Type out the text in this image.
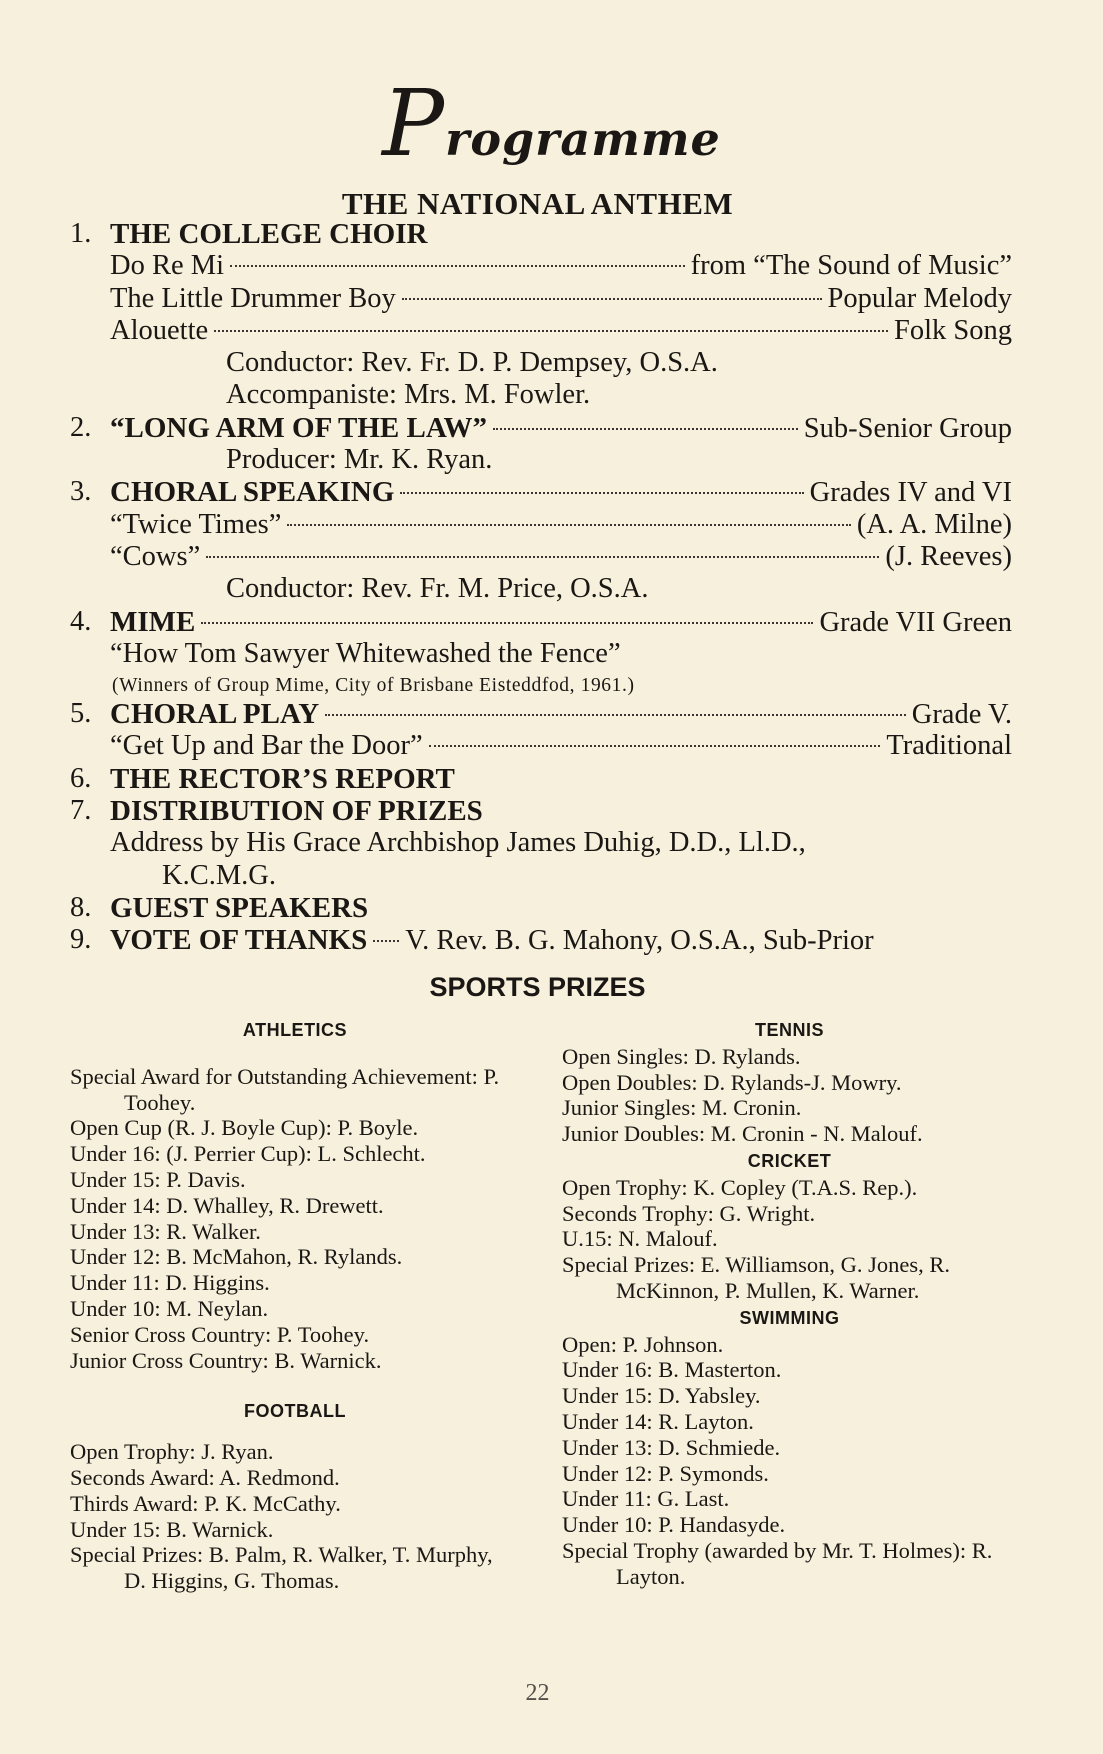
Programme
THE NATIONAL ANTHEM
1. THE COLLEGE CHOIR
Do Re Mi	from “The Sound of Music”
The Little Drummer Boy	Popular Melody
Alouette	Folk Song
Conductor: Rev. Fr. D. P. Dempsey, O.S.A.
Accompaniste: Mrs. M. Fowler.
2. “LONG ARM OF THE LAW”	Sub-Senior Group
Producer: Mr. K. Ryan.
3. CHORAL SPEAKING	Grades IV and VI
“Twice Times”	(A. A. Milne)
“Cows”	(J. Reeves)
Conductor: Rev. Fr. M. Price, O.S.A.
4. MIME	Grade VII Green
“How Tom Sawyer Whitewashed the Fence”
(Winners of Group Mime, City of Brisbane Eisteddfod, 1961.)
5. CHORAL PLAY	Grade V.
“Get Up and Bar the Door”	Traditional
6. THE RECTOR’S REPORT
7. DISTRIBUTION OF PRIZES
Address by His Grace Archbishop James Duhig, D.D., Ll.D.,
K.C.M.G.
8. GUEST SPEAKERS
9. VOTE OF THANKS V. Rev. B. G. Mahony, O.S.A., Sub-Prior
SPORTS PRIZES
ATHLETICS
Special Award for Outstanding Achievement: P. Toohey.
Open Cup (R. J. Boyle Cup): P. Boyle.
Under 16: (J. Perrier Cup): L. Schlecht.
Under 15: P. Davis.
Under 14: D. Whalley, R. Drewett.
Under 13: R. Walker.
Under 12: B. McMahon, R. Rylands.
Under 11: D. Higgins.
Under 10: M. Neylan.
Senior Cross Country: P. Toohey.
Junior Cross Country: B. Warnick.
FOOTBALL
Open Trophy: J. Ryan.
Seconds Award: A. Redmond.
Thirds Award: P. K. McCathy.
Under 15: B. Warnick.
Special Prizes: B. Palm, R. Walker, T. Murphy, D. Higgins, G. Thomas.
TENNIS
Open Singles: D. Rylands.
Open Doubles: D. Rylands-J. Mowry.
Junior Singles: M. Cronin.
Junior Doubles: M. Cronin - N. Malouf.
CRICKET
Open Trophy: K. Copley (T.A.S. Rep.).
Seconds Trophy: G. Wright.
U.15: N. Malouf.
Special Prizes: E. Williamson, G. Jones, R. McKinnon, P. Mullen, K. Warner.
SWIMMING
Open: P. Johnson.
Under 16: B. Masterton.
Under 15: D. Yabsley.
Under 14: R. Layton.
Under 13: D. Schmiede.
Under 12: P. Symonds.
Under 11: G. Last.
Under 10: P. Handasyde.
Special Trophy (awarded by Mr. T. Holmes): R. Layton.
22
